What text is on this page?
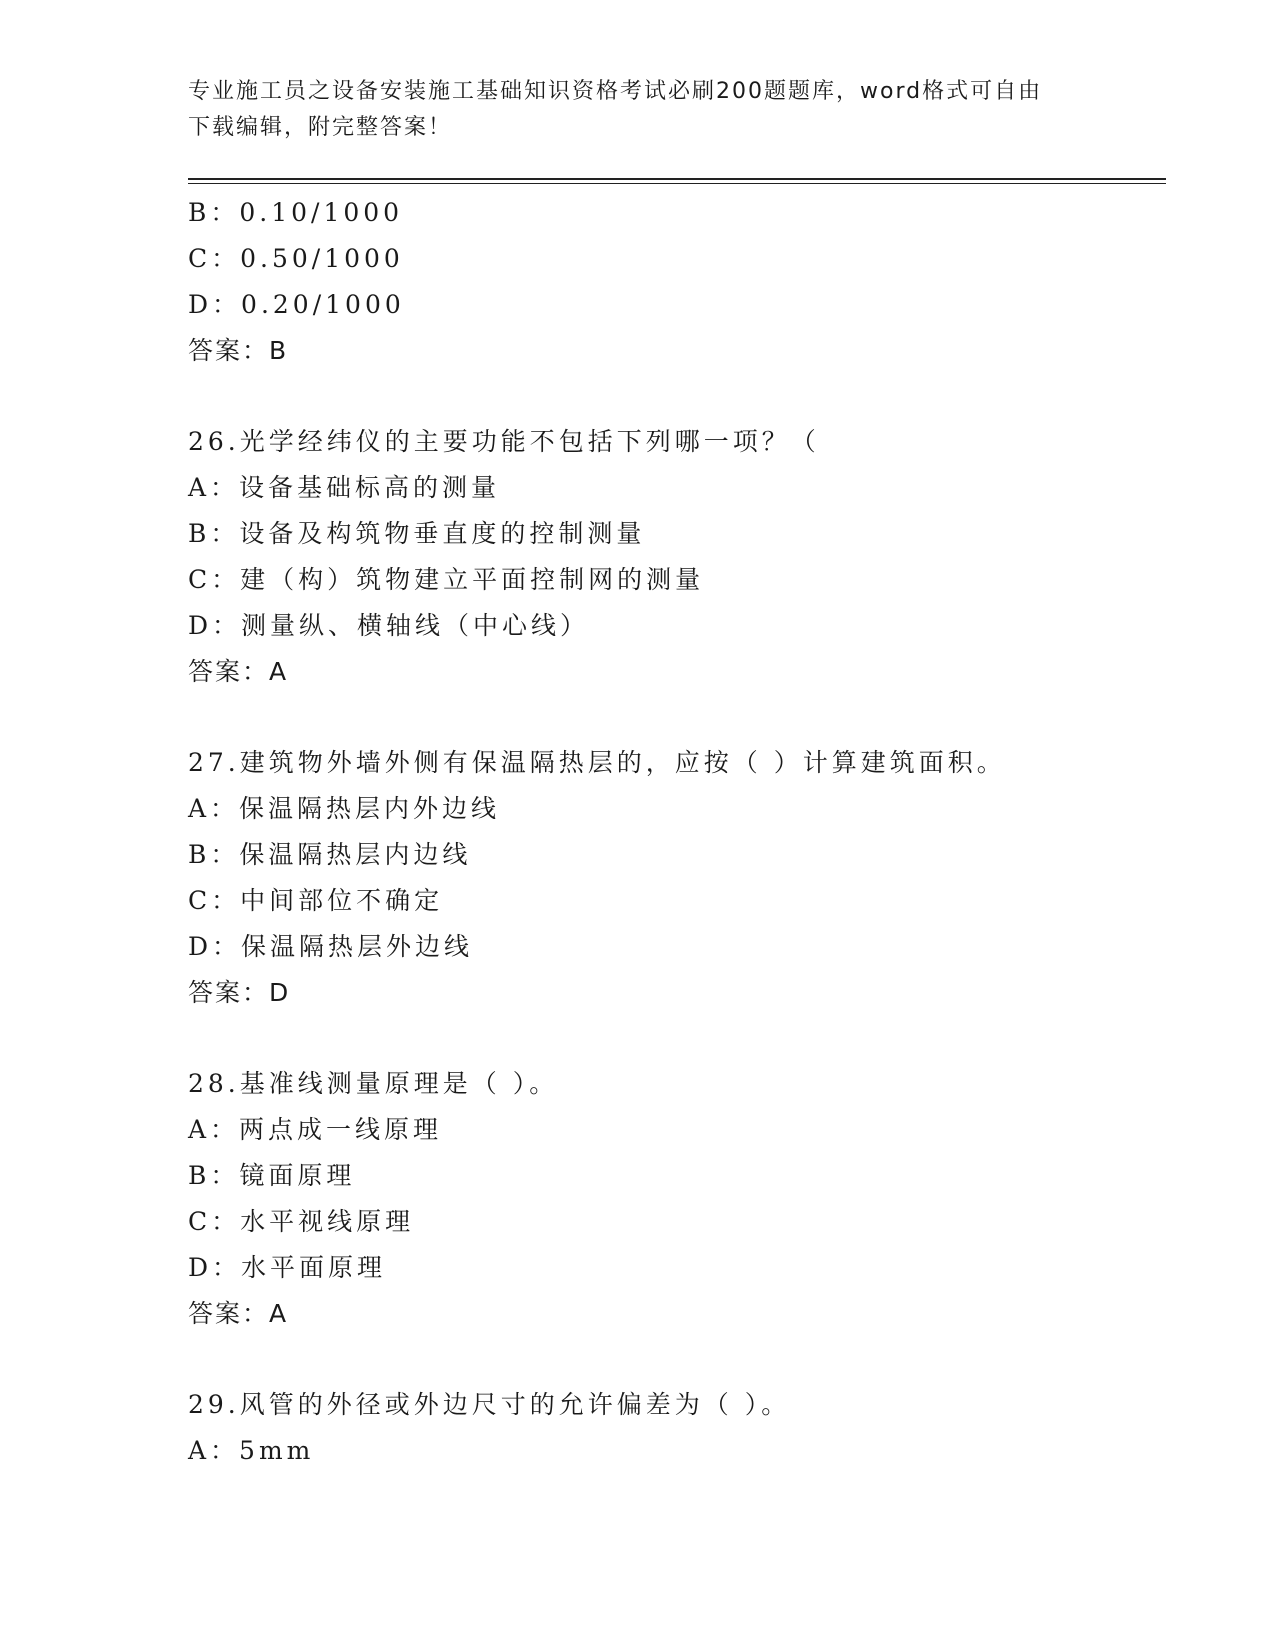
专业施工员之设备安装施工基础知识资格考试必刷200题题库，word格式可自由
下载编辑，附完整答案！
B：0.10/1000
C：0.50/1000
D：0.20/1000
答案：B
26.光学经纬仪的主要功能不包括下列哪一项？（
A：设备基础标高的测量
B：设备及构筑物垂直度的控制测量
C：建（构）筑物建立平面控制网的测量
D：测量纵、横轴线（中心线）
答案：A
27.建筑物外墙外侧有保温隔热层的，应按（ ）计算建筑面积。
A：保温隔热层内外边线
B：保温隔热层内边线
C：中间部位不确定
D：保温隔热层外边线
答案：D
28.基准线测量原理是（ ）。
A：两点成一线原理
B：镜面原理
C：水平视线原理
D：水平面原理
答案：A
29.风管的外径或外边尺寸的允许偏差为（ ）。
A：5mm
